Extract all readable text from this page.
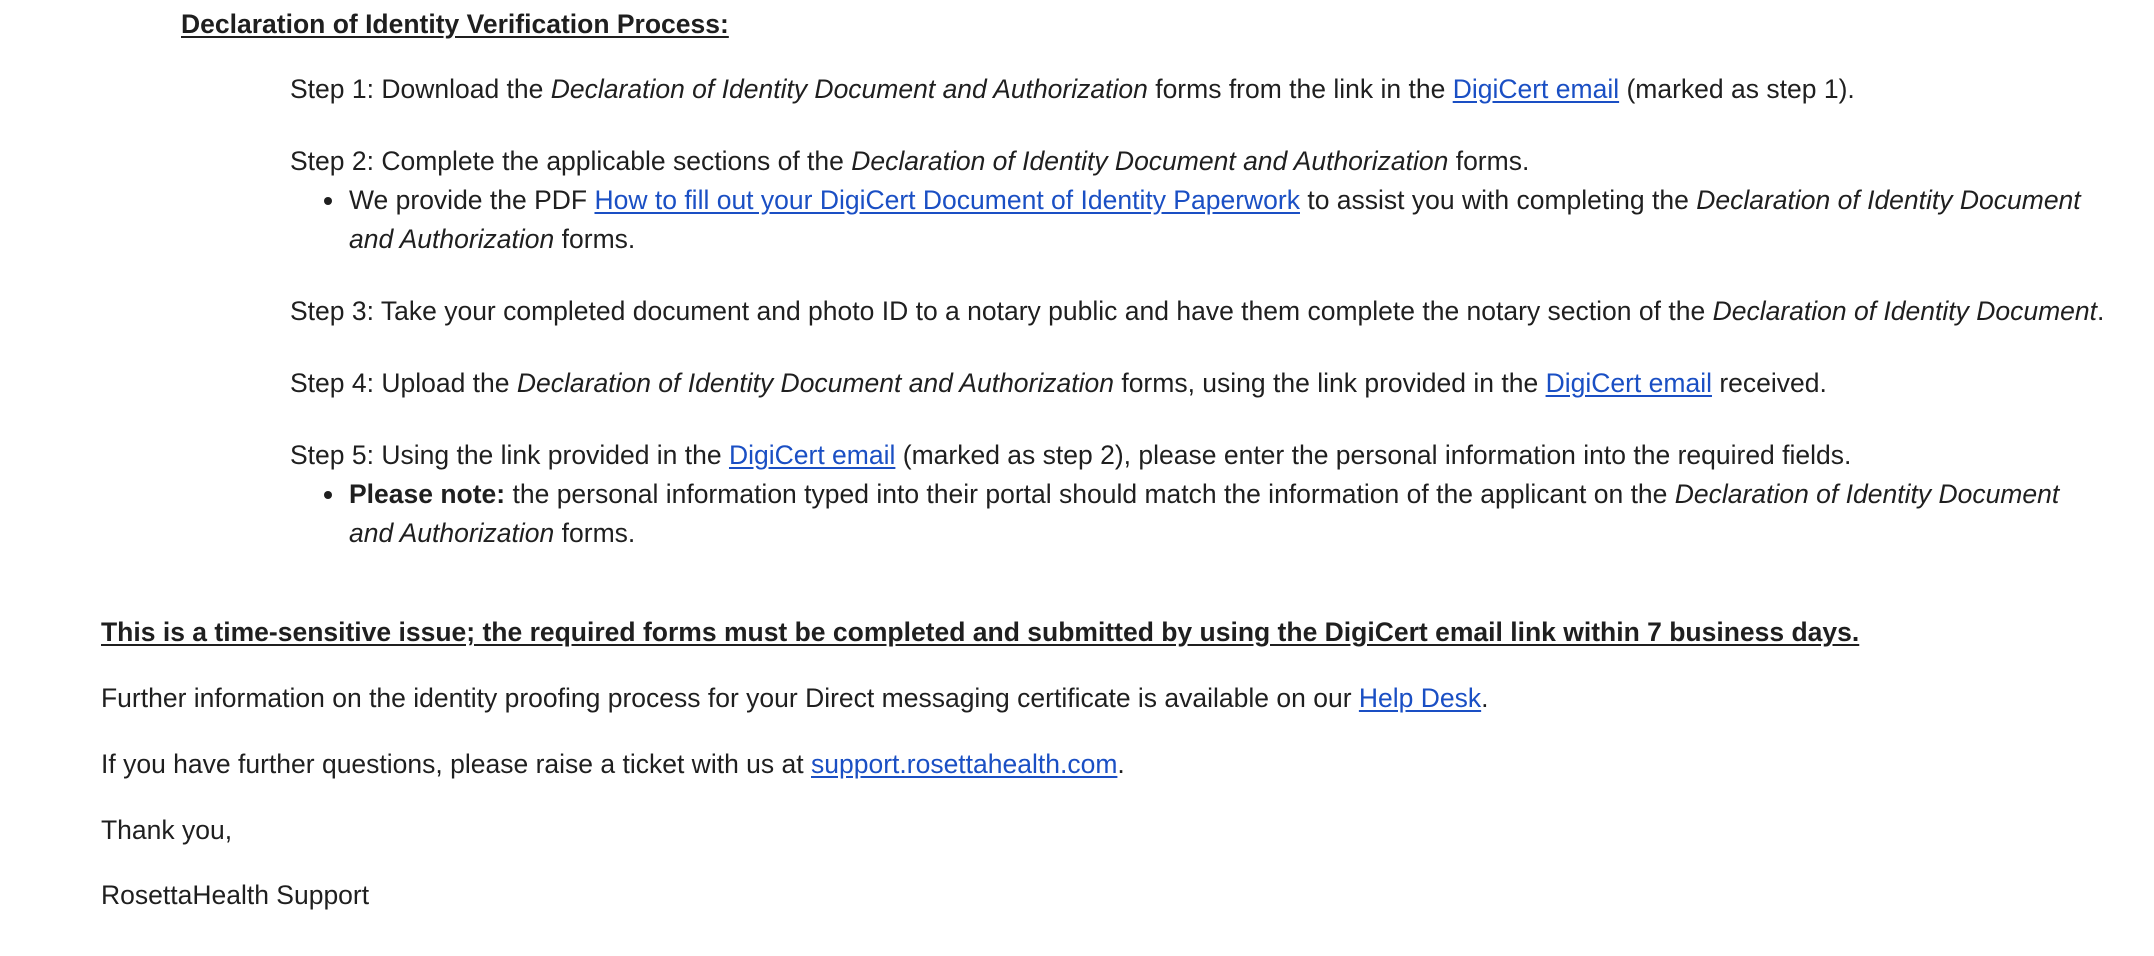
Declaration of Identity Verification Process:
Step 1: Download the Declaration of Identity Document and Authorization forms from the link in the DigiCert email (marked as step 1).
Step 2: Complete the applicable sections of the Declaration of Identity Document and Authorization forms.
We provide the PDF How to fill out your DigiCert Document of Identity Paperwork to assist you with completing the Declaration of Identity Document and Authorization forms.
Step 3: Take your completed document and photo ID to a notary public and have them complete the notary section of the Declaration of Identity Document.
Step 4: Upload the Declaration of Identity Document and Authorization forms, using the link provided in the DigiCert email received.
Step 5: Using the link provided in the DigiCert email (marked as step 2), please enter the personal information into the required fields.
Please note: the personal information typed into their portal should match the information of the applicant on the Declaration of Identity Document and Authorization forms.
This is a time-sensitive issue; the required forms must be completed and submitted by using the DigiCert email link within 7 business days.
Further information on the identity proofing process for your Direct messaging certificate is available on our Help Desk.
If you have further questions, please raise a ticket with us at support.rosettahealth.com.
Thank you,
RosettaHealth Support
